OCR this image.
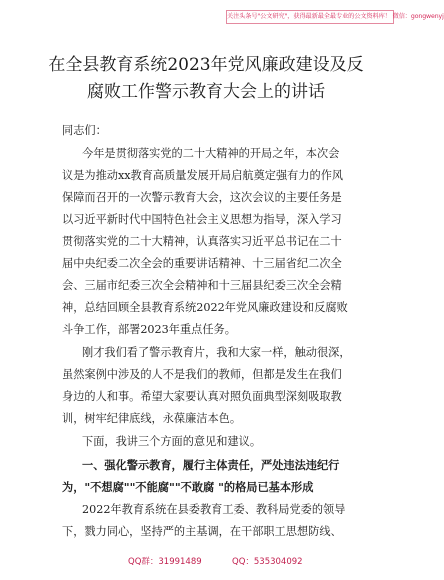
关注头条号"公文研究"，获得最新最全最专业的公文资料库！ 微信：gongwenyj
在全县教育系统2023年党风廉政建设及反
腐败工作警示教育大会上的讲话
同志们：
今年是贯彻落实党的二十大精神的开局之年，本次会
议是为推动xx教育高质量发展开局启航奠定强有力的作风
保障而召开的一次警示教育大会，这次会议的主要任务是
以习近平新时代中国特色社会主义思想为指导，深入学习
贯彻落实党的二十大精神，认真落实习近平总书记在二十
届中央纪委二次全会的重要讲话精神、十三届省纪二次全
会、三届市纪委三次全会精神和十三届县纪委三次全会精
神，总结回顾全县教育系统2022年党风廉政建设和反腐败
斗争工作，部署2023年重点任务。
刚才我们看了警示教育片，我和大家一样，触动很深，
虽然案例中涉及的人不是我们的教师，但都是发生在我们
身边的人和事。希望大家要认真对照负面典型深刻吸取教
训，树牢纪律底线，永葆廉洁本色。
下面，我讲三个方面的意见和建议。
一、强化警示教育，履行主体责任，严处违法违纪行
为，"不想腐""不能腐""不敢腐 "的格局已基本形成
2022年教育系统在县委教育工委、教科局党委的领导
下，戮力同心，坚持严的主基调，在干部职工思想防线、
QQ群：31991489	QQ：535304092
